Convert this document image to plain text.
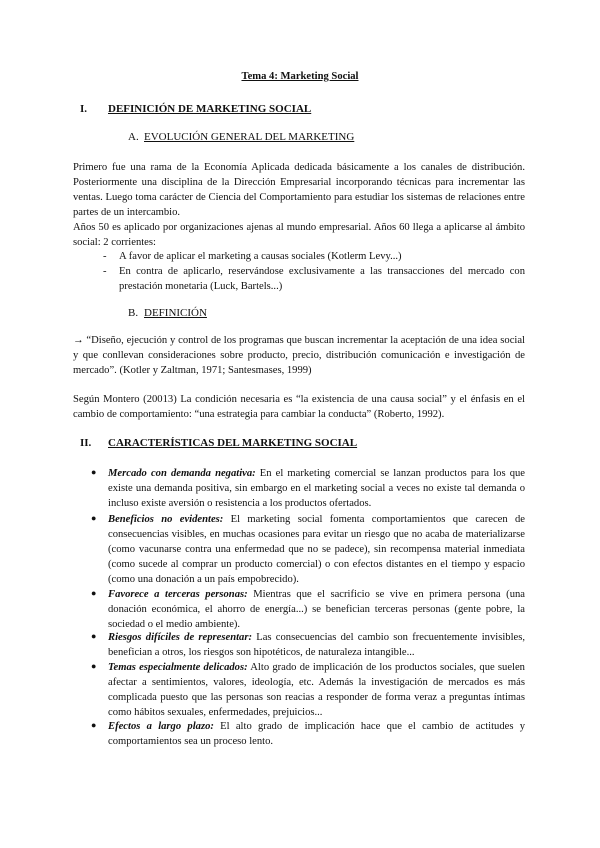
Tema 4: Marketing Social
I. DEFINICIÓN DE MARKETING SOCIAL
A. EVOLUCIÓN GENERAL DEL MARKETING
Primero fue una rama de la Economía Aplicada dedicada básicamente a los canales de distribución. Posteriormente una disciplina de la Dirección Empresarial incorporando técnicas para incrementar las ventas. Luego toma carácter de Ciencia del Comportamiento para estudiar los sistemas de relaciones entre partes de un intercambio.
Años 50 es aplicado por organizaciones ajenas al mundo empresarial. Años 60 llega a aplicarse al ámbito social: 2 corrientes:
- A favor de aplicar el marketing a causas sociales (Kotlerm Levy...)
- En contra de aplicarlo, reservándose exclusivamente a las transacciones del mercado con prestación monetaria (Luck, Bartels...)
B. DEFINICIÓN
→ “Diseño, ejecución y control de los programas que buscan incrementar la aceptación de una idea social y que conllevan consideraciones sobre producto, precio, distribución comunicación e investigación de mercado”. (Kotler y Zaltman, 1971; Santesmases, 1999)
Según Montero (20013) La condición necesaria es “la existencia de una causa social” y el énfasis en el cambio de comportamiento: “una estrategia para cambiar la conducta” (Roberto, 1992).
II. CARACTERÍSTICAS DEL MARKETING SOCIAL
● Mercado con demanda negativa: En el marketing comercial se lanzan productos para los que existe una demanda positiva, sin embargo en el marketing social a veces no existe tal demanda o incluso existe aversión o resistencia a los productos ofertados.
● Beneficios no evidentes: El marketing social fomenta comportamientos que carecen de consecuencias visibles, en muchas ocasiones para evitar un riesgo que no acaba de materializarse (como vacunarse contra una enfermedad que no se padece), sin recompensa material inmediata (como sucede al comprar un producto comercial) o con efectos distantes en el tiempo y espacio (como una donación a un país empobrecido).
● Favorece a terceras personas: Mientras que el sacrificio se vive en primera persona (una donación económica, el ahorro de energía...) se benefician terceras personas (gente pobre, la sociedad o el medio ambiente).
● Riesgos difíciles de representar: Las consecuencias del cambio son frecuentemente invisibles, benefician a otros, los riesgos son hipotéticos, de naturaleza intangible...
● Temas especialmente delicados: Alto grado de implicación de los productos sociales, que suelen afectar a sentimientos, valores, ideología, etc. Además la investigación de mercados es más complicada puesto que las personas son reacias a responder de forma veraz a preguntas íntimas como hábitos sexuales, enfermedades, prejuicios...
● Efectos a largo plazo: El alto grado de implicación hace que el cambio de actitudes y comportamientos sea un proceso lento.
